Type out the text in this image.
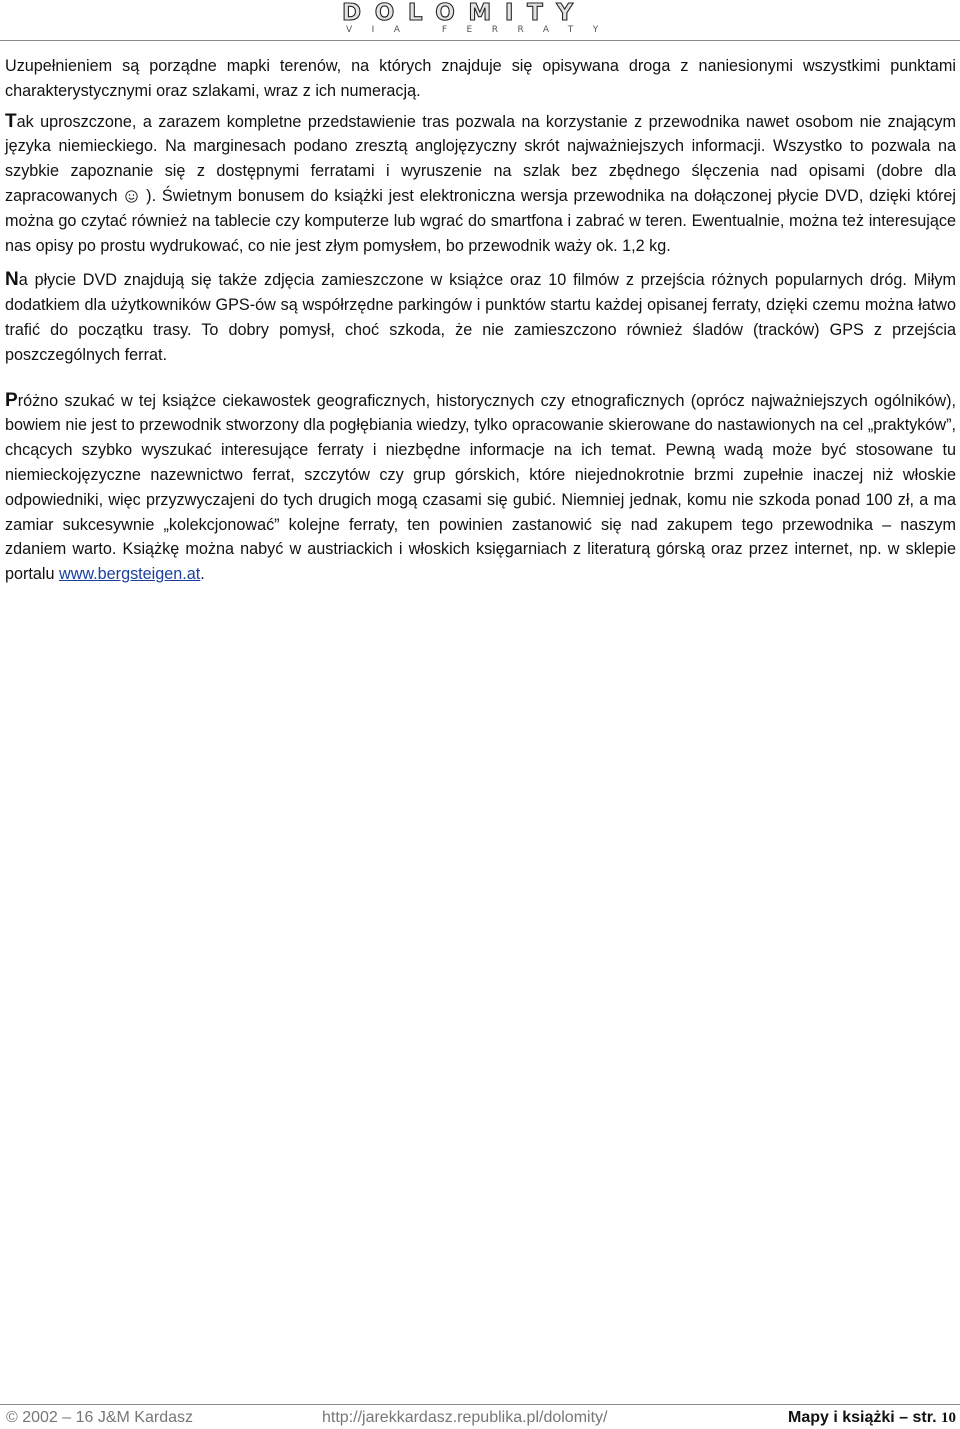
DOLOMITY
VIA FERRATY

Uzupełnieniem są porządne mapki terenów, na których znajduje się opisywana droga z naniesionymi wszystkimi punktami charakterystycznymi oraz szlakami, wraz z ich numeracją.

Tak uproszczone, a zarazem kompletne przedstawienie tras pozwala na korzystanie z przewodnika nawet osobom nie znającym języka niemieckiego. Na marginesach podano zresztą anglojęzyczny skrót najważniejszych informacji. Wszystko to pozwala na szybkie zapoznanie się z dostępnymi ferratami i wyruszenie na szlak bez zbędnego ślęczenia nad opisami (dobre dla zapracowanych  ). Świetnym bonusem do książki jest elektroniczna wersja przewodnika na dołączonej płycie DVD, dzięki której można go czytać również na tablecie czy komputerze lub wgrać do smartfona i zabrać w teren. Ewentualnie, można też interesujące nas opisy po prostu wydrukować, co nie jest złym pomysłem, bo przewodnik waży ok. 1,2 kg.

Na płycie DVD znajdują się także zdjęcia zamieszczone w książce oraz 10 filmów z przejścia różnych popularnych dróg. Miłym dodatkiem dla użytkowników GPS-ów są współrzędne parkingów i punktów startu każdej opisanej ferraty, dzięki czemu można łatwo trafić do początku trasy. To dobry pomysł, choć szkoda, że nie zamieszczono również śladów (tracków) GPS z przejścia poszczególnych ferrat.

Próżno szukać w tej książce ciekawostek geograficznych, historycznych czy etnograficznych (oprócz najważniejszych ogólników), bowiem nie jest to przewodnik stworzony dla pogłębiania wiedzy, tylko opracowanie skierowane do nastawionych na cel „praktyków”, chcących szybko wyszukać interesujące ferraty i niezbędne informacje na ich temat. Pewną wadą może być stosowane tu niemieckojęzyczne nazewnictwo ferrat, szczytów czy grup górskich, które niejednokrotnie brzmi zupełnie inaczej niż włoskie odpowiedniki, więc przyzwyczajeni do tych drugich mogą czasami się gubić. Niemniej jednak, komu nie szkoda ponad 100 zł, a ma zamiar sukcesywnie „kolekcjonować” kolejne ferraty, ten powinien zastanowić się nad zakupem tego przewodnika – naszym zdaniem warto. Książkę można nabyć w austriackich i włoskich księgarniach z literaturą górską oraz przez internet, np. w sklepie portalu www.bergsteigen.at.

© 2002 – 16 J&M Kardasz	http://jarekkardasz.republika.pl/dolomity/	Mapy i książki – str. 10
